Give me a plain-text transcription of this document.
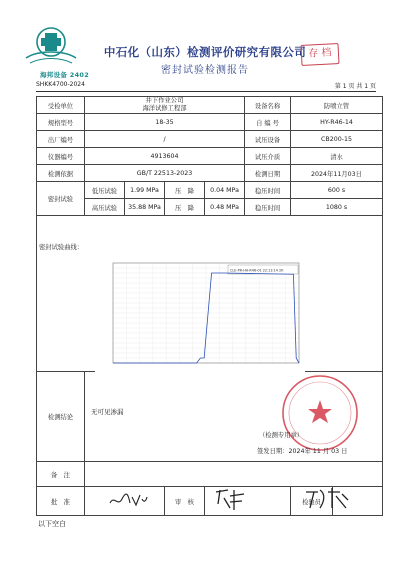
海邦设备 2402
中石化（山东）检测评价研究有限公司
密封试验检测报告
存 档
SHKK4700-2024	第 1 页 共 1 页
受检单位	井下作业公司
海洋试修工程部				设备名称	防喷立管	
规格型号	18-35				自 编 号	HY-R46-14	
出厂编号	/				试压设备	CB200-15	
仪器编号	4913604				试压介质	清水	
检测依据	GB/T 22513-2023				检测日期	2024年11月03日	
密封试验	低压试验	1.99 MPa	压　降	0.04 MPa	稳压时间	600 s	
	高压试验	35.88 MPa	压　降	0.48 MPa	稳压时间	1080 s	

检测结论							
备　注	
批　准			审　核			检验员	
密封试验曲线：
CLE-PR-HH-R46-01 22:13:14 2K
无可见渗漏
（检测专用章）
签发日期：2024年 11 月 03 日
以下空白
